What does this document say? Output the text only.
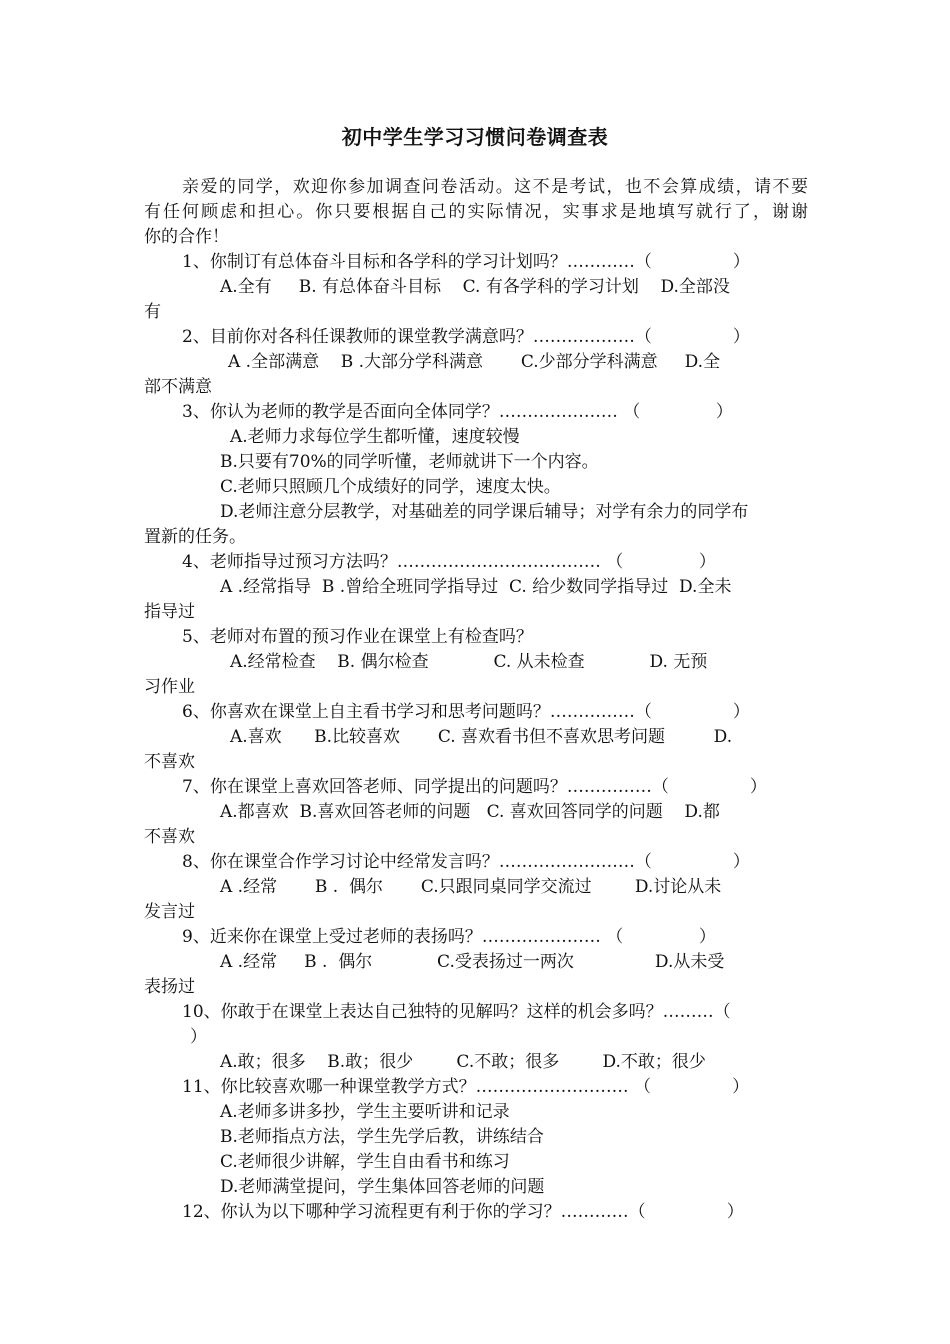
初中学生学习习惯问卷调查表
亲爱的同学，欢迎你参加调查问卷活动。这不是考试，也不会算成绩，请不要
有任何顾虑和担心。你只要根据自己的实际情况，实事求是地填写就行了，谢谢
你的合作！
1、你制订有总体奋斗目标和各学科的学习计划吗？…………（               ）
A.全有     B. 有总体奋斗目标    C. 有各学科的学习计划    D.全部没
有
2、目前你对各科任课教师的课堂教学满意吗？………………（               ）
A .全部满意    B .大部分学科满意       C.少部分学科满意     D.全
部不满意
3、你认为老师的教学是否面向全体同学？………………… （              ）
A.老师力求每位学生都听懂，速度较慢
B.只要有70%的同学听懂，老师就讲下一个内容。
C.老师只照顾几个成绩好的同学，速度太快。
D.老师注意分层教学，对基础差的同学课后辅导；对学有余力的同学布
置新的任务。
4、老师指导过预习方法吗？……………………………… （              ）
A .经常指导  B .曾给全班同学指导过  C. 给少数同学指导过  D.全未
指导过
5、老师对布置的预习作业在课堂上有检查吗？
A.经常检查    B. 偶尔检查            C. 从未检查            D. 无预
习作业
6、你喜欢在课堂上自主看书学习和思考问题吗？……………（               ）
A.喜欢      B.比较喜欢       C. 喜欢看书但不喜欢思考问题         D.
不喜欢
7、你在课堂上喜欢回答老师、同学提出的问题吗？……………（               ）
A.都喜欢  B.喜欢回答老师的问题   C. 喜欢回答同学的问题    D.都
不喜欢
8、你在课堂合作学习讨论中经常发言吗？……………………（               ）
A .经常       B .  偶尔       C.只跟同桌同学交流过        D.讨论从未
发言过
9、近来你在课堂上受过老师的表扬吗？………………… （              ）
A .经常     B .  偶尔            C.受表扬过一两次               D.从未受
表扬过
10、你敢于在课堂上表达自己独特的见解吗？这样的机会多吗？………（
）
A.敢；很多    B.敢；很少        C.不敢；很多        D.不敢；很少
11、你比较喜欢哪一种课堂教学方式？……………………… （               ）
A.老师多讲多抄，学生主要听讲和记录
B.老师指点方法，学生先学后教，讲练结合
C.老师很少讲解，学生自由看书和练习
D.老师满堂提问，学生集体回答老师的问题
12、你认为以下哪种学习流程更有利于你的学习？…………（               ）
